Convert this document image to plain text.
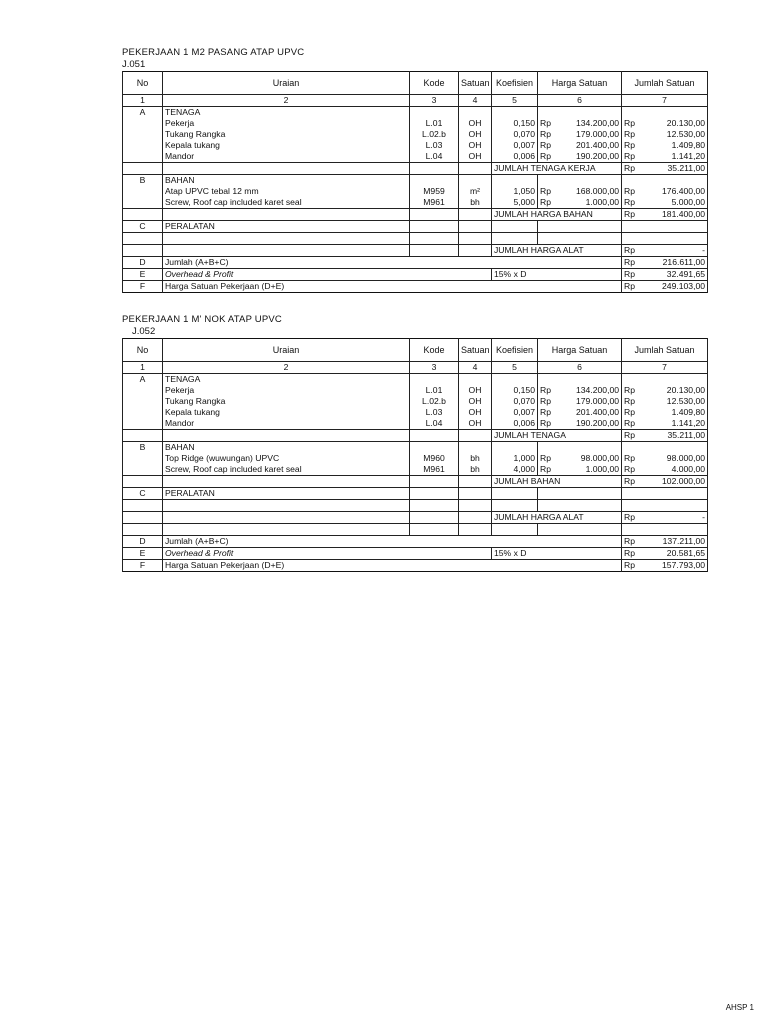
PEKERJAAN 1 M2 PASANG ATAP UPVC
J.051
No	Uraian	Kode	Satuan	Koefisien	Harga Satuan		Jumlah Satuan	
1	2	3	4	5	6		7	
A	TENAGA							
	Pekerja	L.01	OH	0,150	Rp	134.200,00	Rp	20.130,00
	Tukang Rangka	L.02.b	OH	0,070	Rp	179.000,00	Rp	12.530,00
	Kepala tukang	L.03	OH	0,007	Rp	201.400,00	Rp	1.409,80
	Mandor	L.04	OH	0,006	Rp	190.200,00	Rp	1.141,20
				JUMLAH TENAGA KERJA			Rp	35.211,00
B	BAHAN							
	Atap UPVC tebal 12 mm	M959	m²	1,050	Rp	168.000,00	Rp	176.400,00
	Screw, Roof cap included karet seal	M961	bh	5,000	Rp	1.000,00	Rp	5.000,00
				JUMLAH HARGA BAHAN			Rp	181.400,00
C	PERALATAN							

				JUMLAH HARGA ALAT			Rp	-
D	Jumlah (A+B+C)						Rp	216.611,00
E	Overhead & Profit			15% x D			Rp	32.491,65
F	Harga Satuan Pekerjaan (D+E)						Rp	249.103,00
PEKERJAAN 1 M' NOK ATAP UPVC
J.052
No	Uraian	Kode	Satuan	Koefisien	Harga Satuan		Jumlah Satuan	
1	2	3	4	5	6		7	
A	TENAGA							
	Pekerja	L.01	OH	0,150	Rp	134.200,00	Rp	20.130,00
	Tukang Rangka	L.02.b	OH	0,070	Rp	179.000,00	Rp	12.530,00
	Kepala tukang	L.03	OH	0,007	Rp	201.400,00	Rp	1.409,80
	Mandor	L.04	OH	0,006	Rp	190.200,00	Rp	1.141,20
				JUMLAH TENAGA			Rp	35.211,00
B	BAHAN							
	Top Ridge (wuwungan) UPVC	M960	bh	1,000	Rp	98.000,00	Rp	98.000,00
	Screw, Roof cap included karet seal	M961	bh	4,000	Rp	1.000,00	Rp	4.000,00
				JUMLAH BAHAN			Rp	102.000,00
C	PERALATAN							

				JUMLAH HARGA ALAT			Rp	-

D	Jumlah (A+B+C)						Rp	137.211,00
E	Overhead & Profit			15% x D			Rp	20.581,65
F	Harga Satuan Pekerjaan (D+E)						Rp	157.793,00
AHSP 1
